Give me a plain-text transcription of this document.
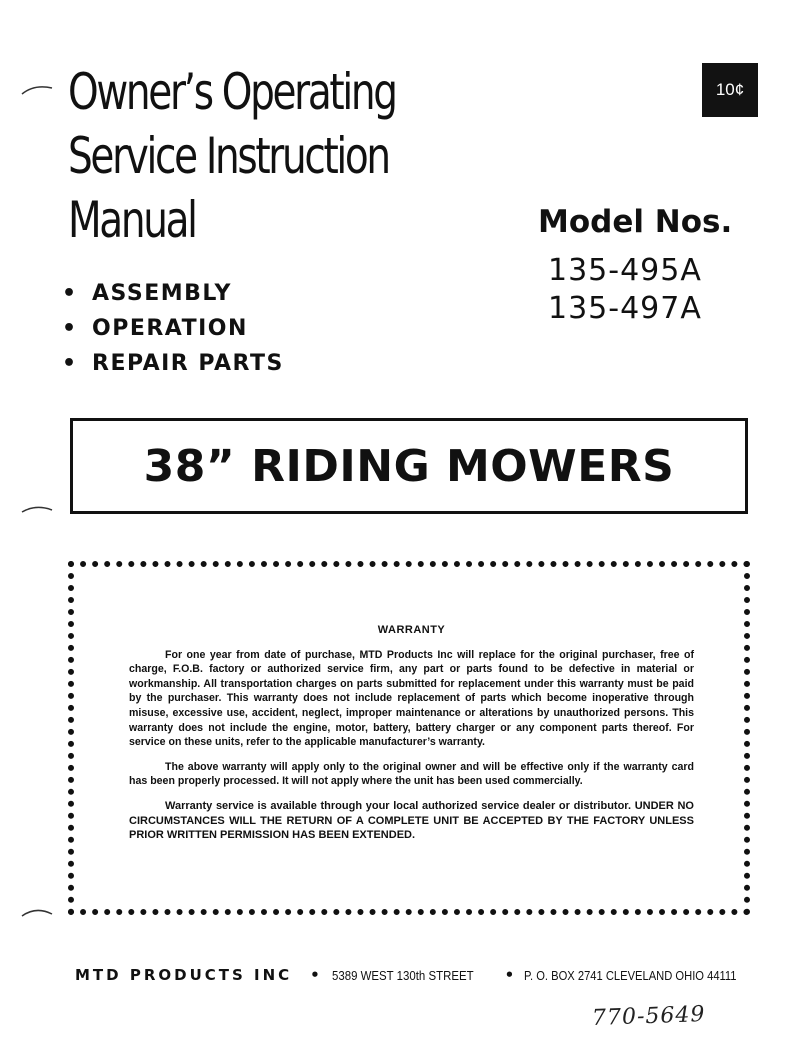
Owner’s Operating
Service Instruction
Manual
10¢
Model Nos.
135-495A
135-497A
• ASSEMBLY
• OPERATION
• REPAIR PARTS
38” RIDING MOWERS
WARRANTY

For one year from date of purchase, MTD Products Inc will replace for the original purchaser, free of charge, F.O.B. factory or authorized service firm, any part or parts found to be defective in material or workmanship. All transportation charges on parts submitted for replacement under this warranty must be paid by the purchaser. This warranty does not include replacement of parts which become inoperative through misuse, excessive use, accident, neglect, improper maintenance or alterations by unauthorized persons. This warranty does not include the engine, motor, battery, battery charger or any component parts thereof. For service on these units, refer to the applicable manufacturer’s warranty.

The above warranty will apply only to the original owner and will be effective only if the warranty card has been properly processed. It will not apply where the unit has been used commercially.

Warranty service is available through your local authorized service dealer or distributor. UNDER NO CIRCUMSTANCES WILL THE RETURN OF A COMPLETE UNIT BE ACCEPTED BY THE FACTORY UNLESS PRIOR WRITTEN PERMISSION HAS BEEN EXTENDED.

MTD PRODUCTS INC • 5389 WEST 130th STREET • P. O. BOX 2741 CLEVELAND OHIO 44111
770-5649
